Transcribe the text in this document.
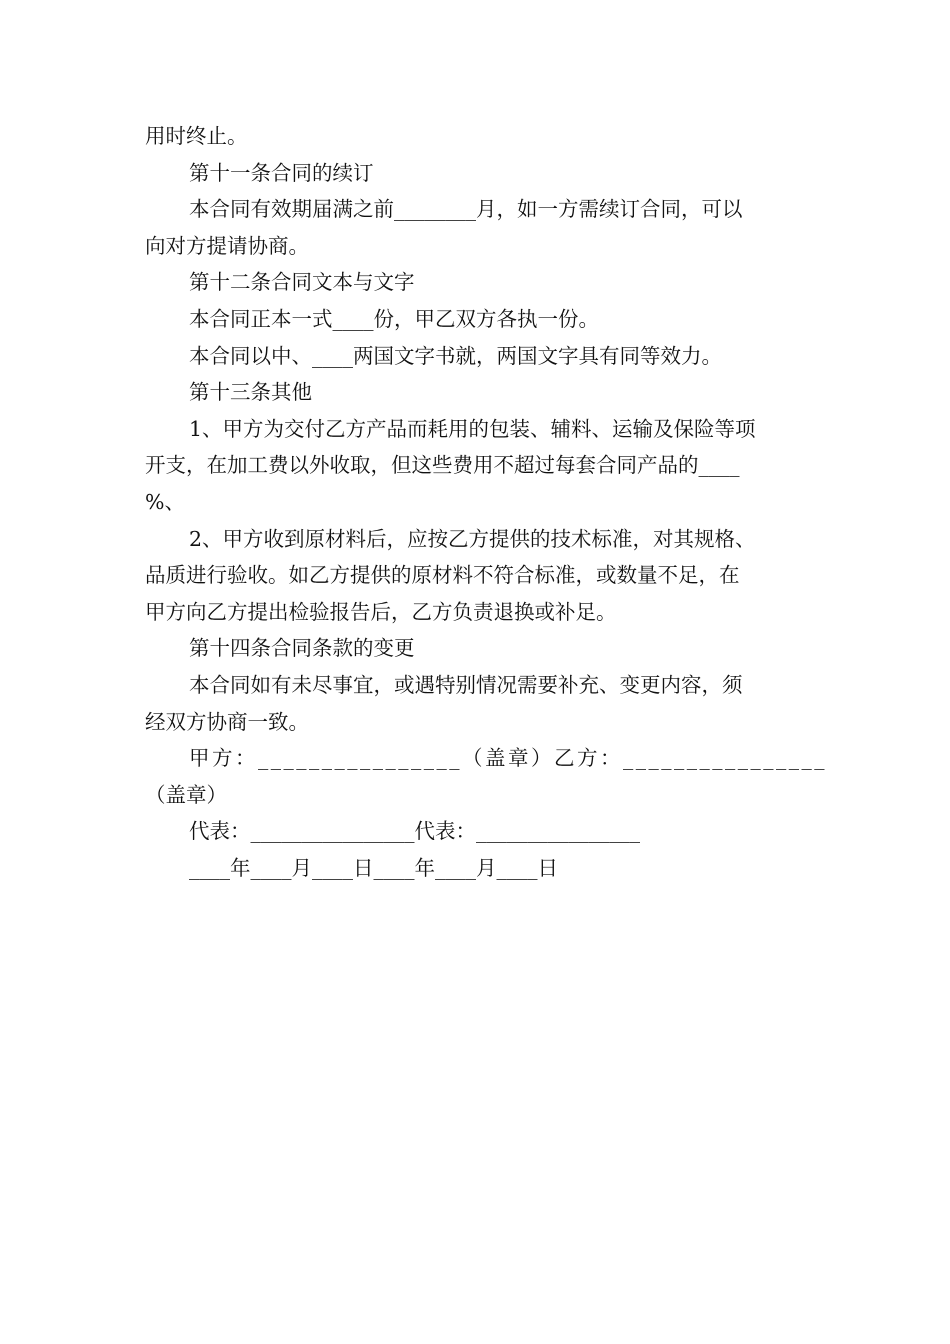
用时终止。
第十一条合同的续订
本合同有效期届满之前________月，如一方需续订合同，可以
向对方提请协商。
第十二条合同文本与文字
本合同正本一式____份，甲乙双方各执一份。
本合同以中、____两国文字书就，两国文字具有同等效力。
第十三条其他
1、甲方为交付乙方产品而耗用的包装、辅料、运输及保险等项
开支，在加工费以外收取，但这些费用不超过每套合同产品的____
%、
2、甲方收到原材料后，应按乙方提供的技术标准，对其规格、
品质进行验收。如乙方提供的原材料不符合标准，或数量不足，在
甲方向乙方提出检验报告后，乙方负责退换或补足。
第十四条合同条款的变更
本合同如有未尽事宜，或遇特别情况需要补充、变更内容，须
经双方协商一致。
甲方：________________（盖章）乙方：________________
（盖章）
代表：________________代表：________________
____年____月____日____年____月____日
